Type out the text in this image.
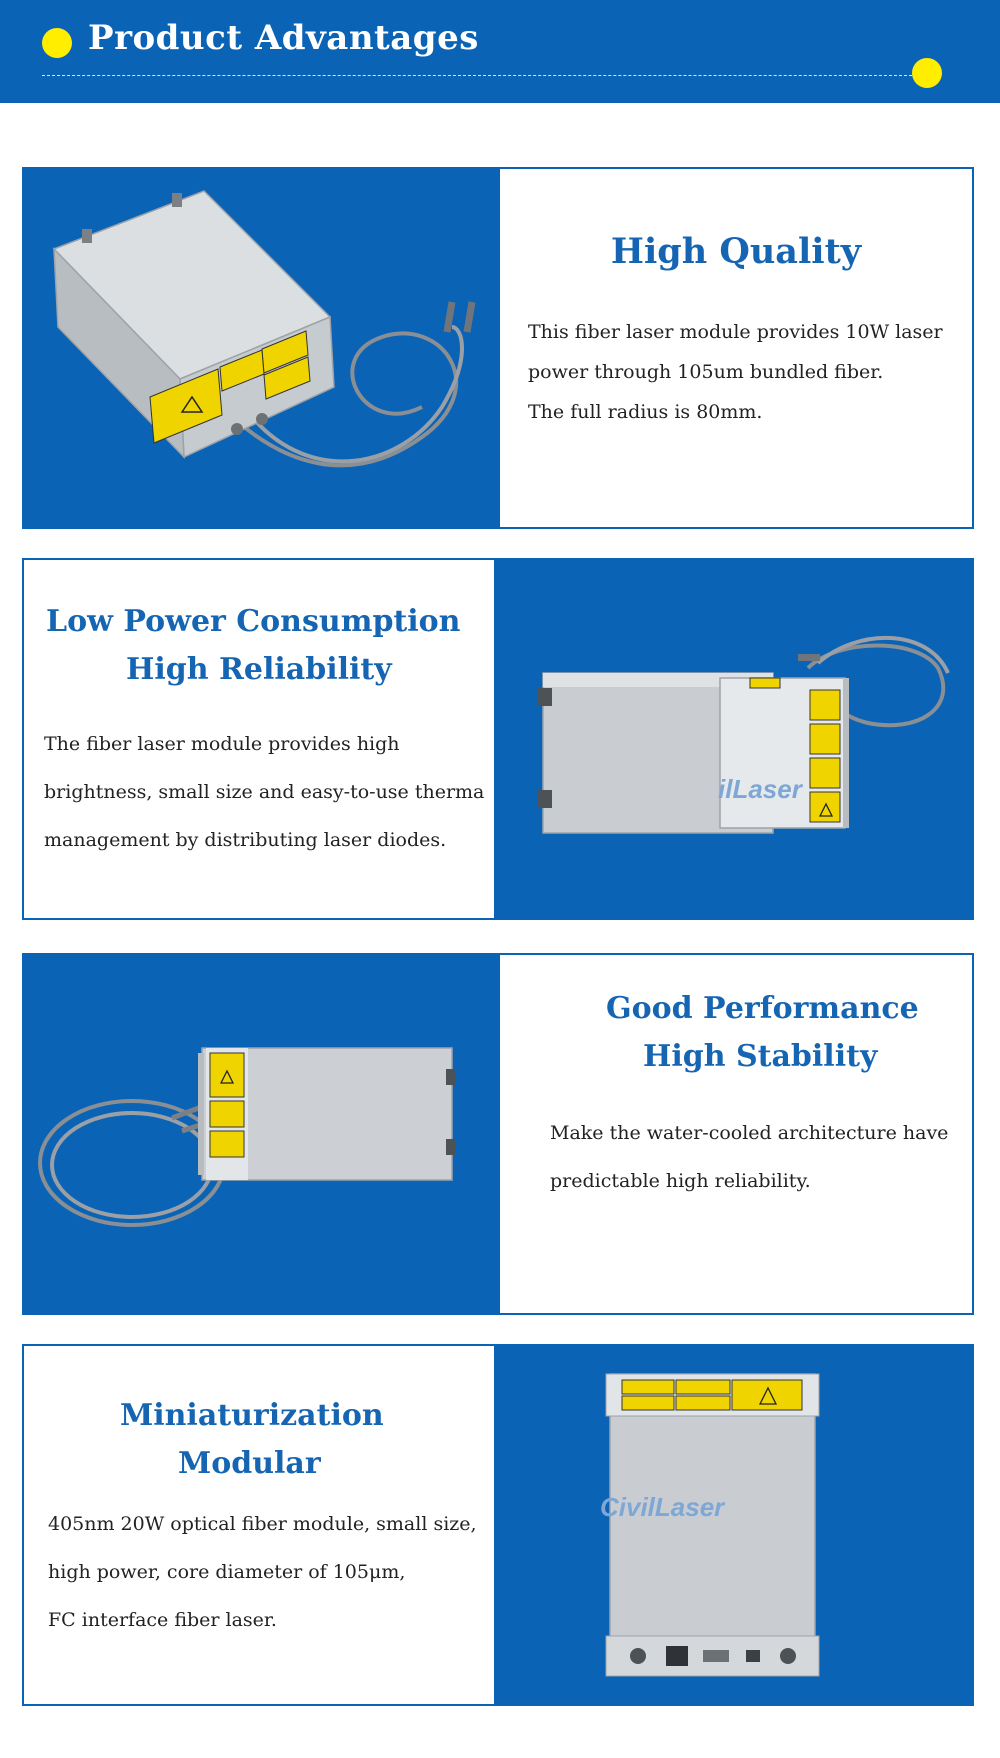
Product Advantages
High Quality
This fiber laser module provides 10W laser
power through 105um bundled fiber.
The full radius is 80mm.
Low Power Consumption
High Reliability
The fiber laser module provides high
brightness, small size and easy-to-use therma
management by distributing laser diodes.
ilLaser
Good Performance
High Stability
Make the water-cooled architecture have
predictable high reliability.
Miniaturization
Modular
405nm 20W optical fiber module, small size,
high power, core diameter of 105μm,
FC interface fiber laser.
CivilLaser
